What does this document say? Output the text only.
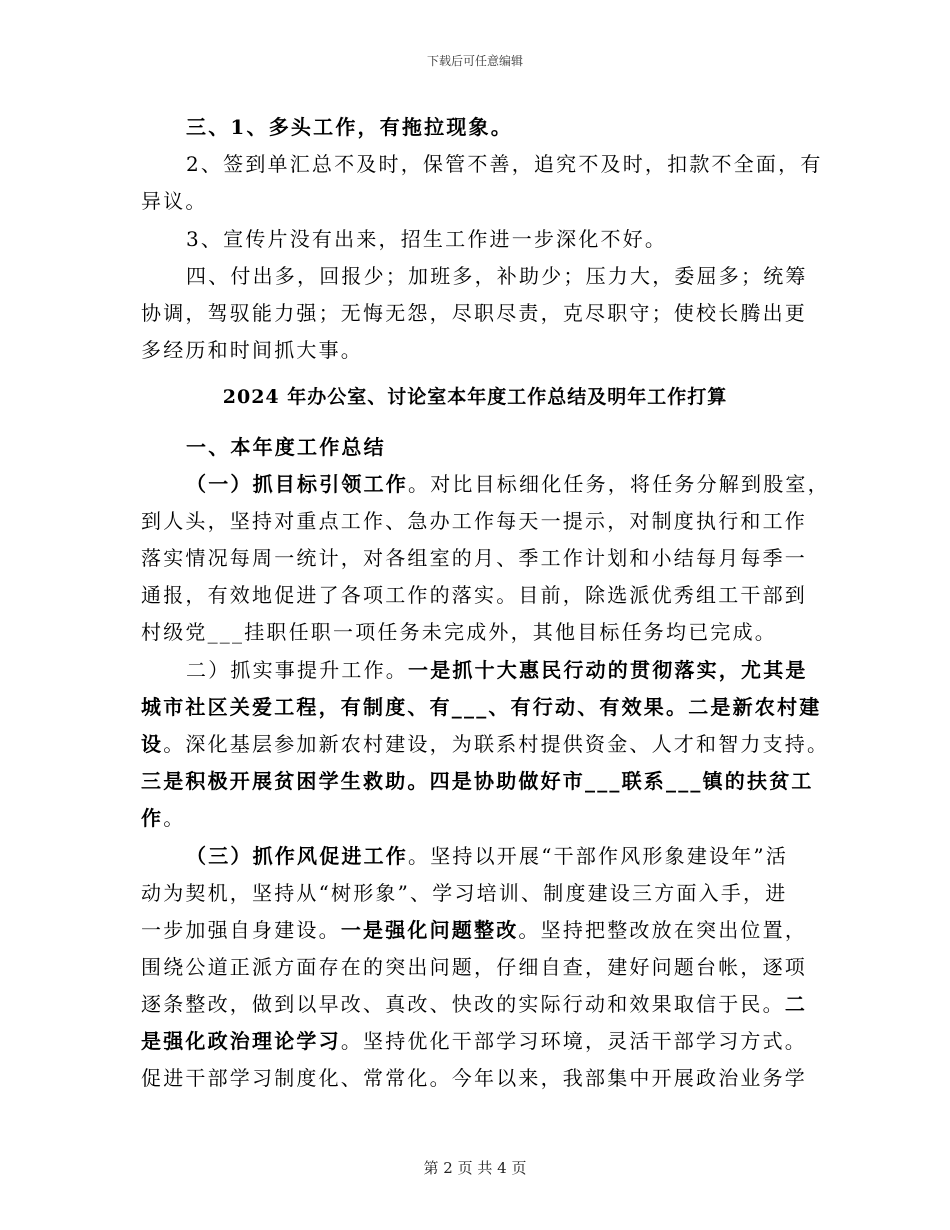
下载后可任意编辑
三、1、多头工作，有拖拉现象。
2、签到单汇总不及时，保管不善，追究不及时，扣款不全面，有
异议。
3、宣传片没有出来，招生工作进一步深化不好。
四、付出多，回报少；加班多，补助少；压力大，委屈多；统筹
协调，驾驭能力强；无悔无怨，尽职尽责，克尽职守；使校长腾出更
多经历和时间抓大事。
2024 年办公室、讨论室本年度工作总结及明年工作打算
一、本年度工作总结
（一）抓目标引领工作。对比目标细化任务，将任务分解到股室，
到人头，坚持对重点工作、急办工作每天一提示，对制度执行和工作
落实情况每周一统计，对各组室的月、季工作计划和小结每月每季一
通报，有效地促进了各项工作的落实。目前，除选派优秀组工干部到
村级党___挂职任职一项任务未完成外，其他目标任务均已完成。
二）抓实事提升工作。一是抓十大惠民行动的贯彻落实，尤其是
城市社区关爱工程，有制度、有___、有行动、有效果。二是新农村建
设。深化基层参加新农村建设，为联系村提供资金、人才和智力支持。
三是积极开展贫困学生救助。四是协助做好市___联系___镇的扶贫工
作。
（三）抓作风促进工作。坚持以开展“干部作风形象建设年”活
动为契机，坚持从“树形象”、学习培训、制度建设三方面入手，进
一步加强自身建设。一是强化问题整改。坚持把整改放在突出位置，
围绕公道正派方面存在的突出问题，仔细自查，建好问题台帐，逐项
逐条整改，做到以早改、真改、快改的实际行动和效果取信于民。二
是强化政治理论学习。坚持优化干部学习环境，灵活干部学习方式。
促进干部学习制度化、常常化。今年以来，我部集中开展政治业务学
第 2 页 共 4 页
